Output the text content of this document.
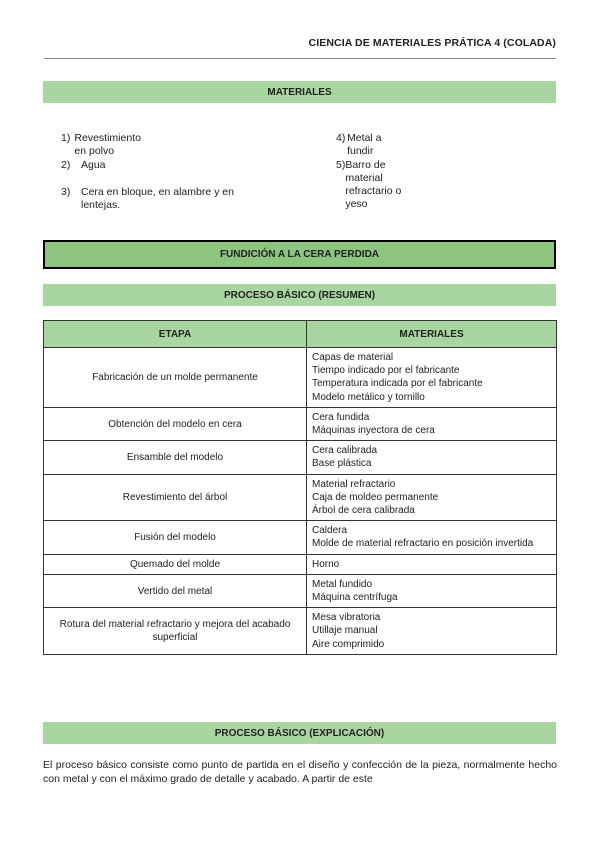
CIENCIA DE MATERIALES PRÁTICA 4 (COLADA)
MATERIALES
1) Revestimiento en polvo
2)	Agua
3)	Cera en bloque, en alambre y en lentejas.
4) Metal a fundir
5) Barro de material refractario o yeso
FUNDICIÓN A LA CERA PERDIDA
PROCESO BÁSICO (RESUMEN)
ETAPA	MATERIALES
Fabricación de un molde permanente	Capas de material
Tiempo indicado por el fabricante
Temperatura indicada por el fabricante
Modelo metálico y tornillo

Obtención del modelo en cera	Cera fundida
Máquinas inyectora de cera

Ensamble del modelo	Cera calibrada
Base plástica

Revestimiento del árbol	Material refractario
Caja de moldeo permanente
Árbol de cera calibrada

Fusión del modelo	Caldera
Molde de material refractario en posición invertida

Quemado del molde	Horno

Vertido del metal	Metal fundido
Máquina centrífuga

Rotura del material refractario y mejora del acabado superficial	Mesa vibratoria
Utillaje manual
Aire comprimido
PROCESO BÁSICO (EXPLICACIÓN)
El proceso básico consiste como punto de partida en el diseño y confección de la pieza, normalmente hecho con metal y con el máximo grado de detalle y acabado. A partir de este
